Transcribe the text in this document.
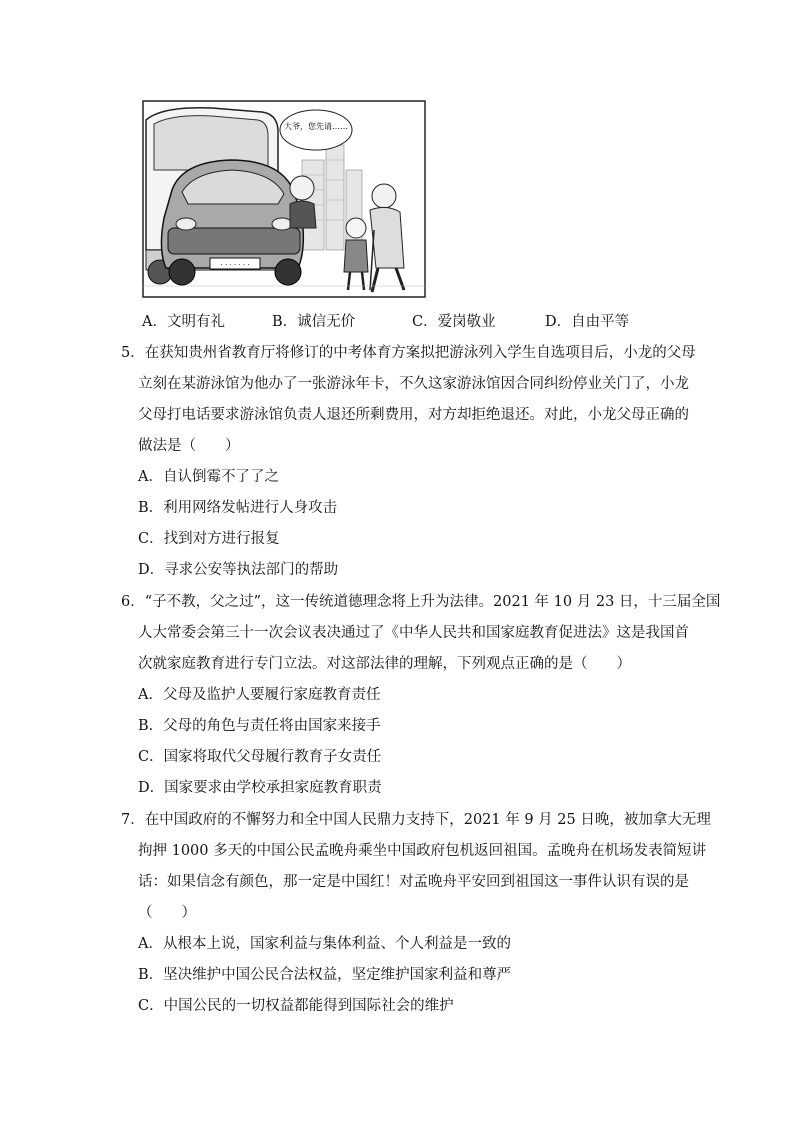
· · · · · · ·
大爷，您先请……
A．文明有礼	B．诚信无价	C．爱岗敬业	D．自由平等
5．在获知贵州省教育厅将修订的中考体育方案拟把游泳列入学生自选项目后，小龙的父母
立刻在某游泳馆为他办了一张游泳年卡，不久这家游泳馆因合同纠纷停业关门了，小龙
父母打电话要求游泳馆负责人退还所剩费用，对方却拒绝退还。对此，小龙父母正确的
做法是（　　）
A．自认倒霉不了了之
B．利用网络发帖进行人身攻击
C．找到对方进行报复
D．寻求公安等执法部门的帮助
6．“子不教，父之过”，这一传统道德理念将上升为法律。2021 年 10 月 23 日，十三届全国
人大常委会第三十一次会议表决通过了《中华人民共和国家庭教育促进法》这是我国首
次就家庭教育进行专门立法。对这部法律的理解，下列观点正确的是（　　）
A．父母及监护人要履行家庭教育责任
B．父母的角色与责任将由国家来接手
C．国家将取代父母履行教育子女责任
D．国家要求由学校承担家庭教育职责
7．在中国政府的不懈努力和全中国人民鼎力支持下，2021 年 9 月 25 日晚，被加拿大无理
拘押 1000 多天的中国公民孟晚舟乘坐中国政府包机返回祖国。孟晚舟在机场发表简短讲
话：如果信念有颜色，那一定是中国红！对孟晚舟平安回到祖国这一事件认识有误的是
（　　）
A．从根本上说，国家利益与集体利益、个人利益是一致的
B．坚决维护中国公民合法权益，坚定维护国家利益和尊严
C．中国公民的一切权益都能得到国际社会的维护
